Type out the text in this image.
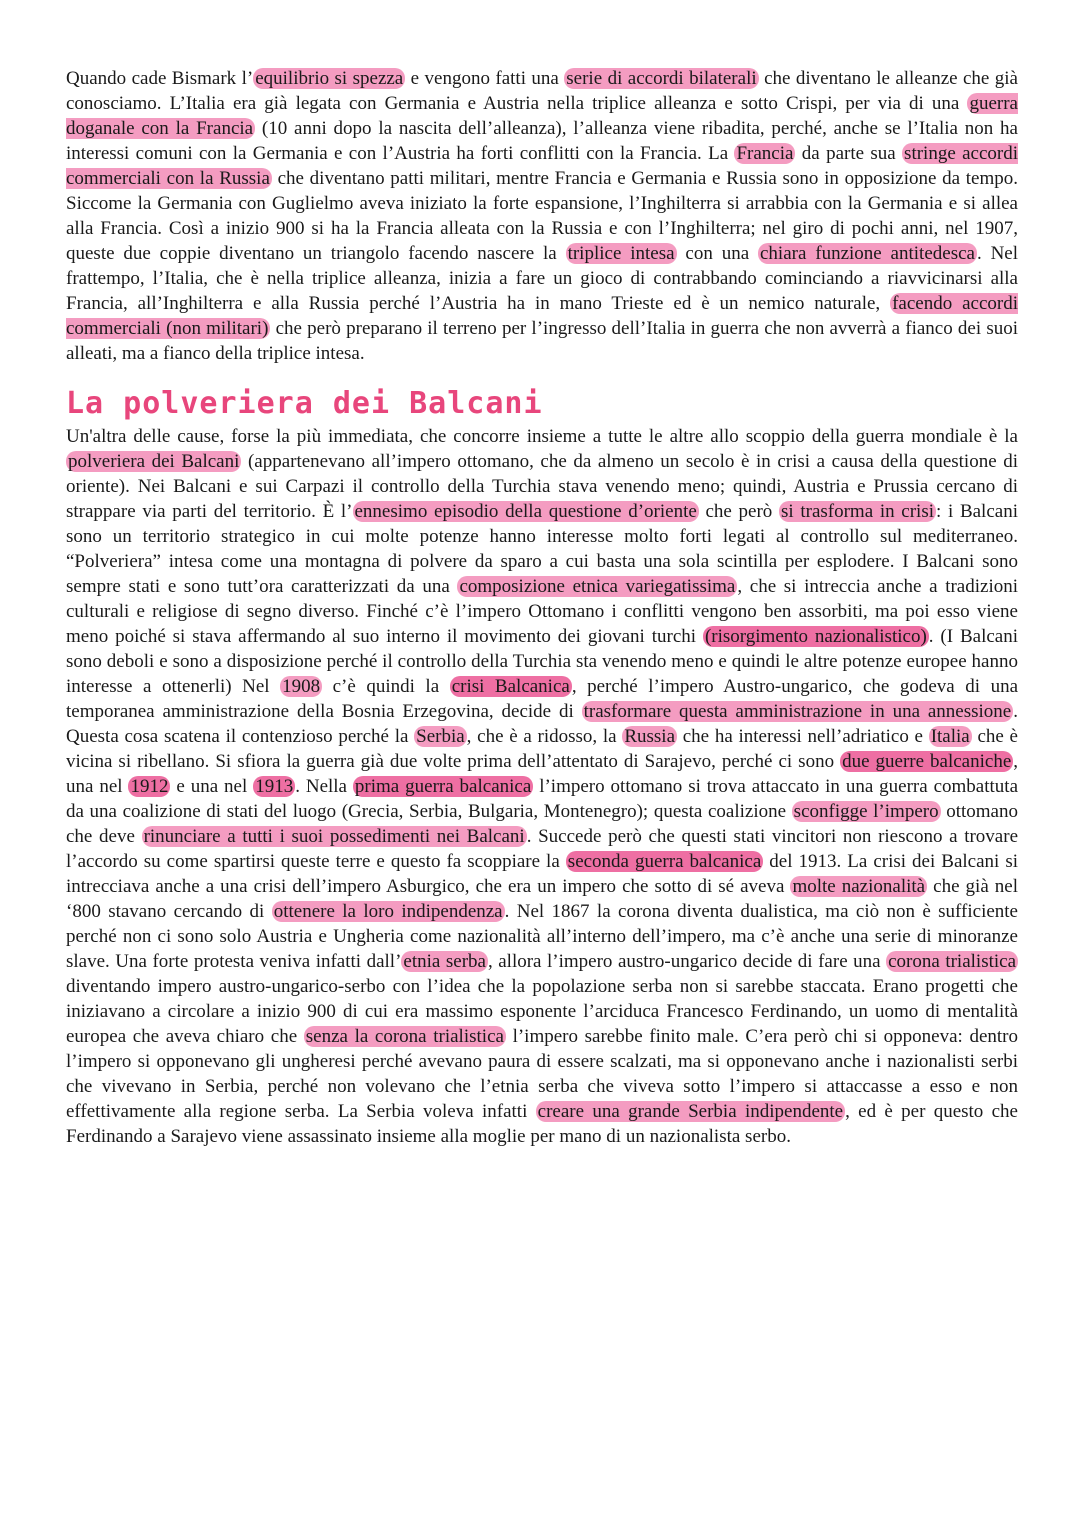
Quando cade Bismark l’ equilibrio si spezza e vengono fatti una serie di accordi bilaterali che diventano le alleanze che già conosciamo. L’Italia era già legata con Germania e Austria nella triplice alleanza e sotto Crispi, per via di una guerra doganale con la Francia (10 anni dopo la nascita dell’alleanza), l’alleanza viene ribadita, perché, anche se l’Italia non ha interessi comuni con la Germania e con l’Austria ha forti conflitti con la Francia. La Francia da parte sua stringe accordi commerciali con la Russia che diventano patti militari, mentre Francia e Germania e Russia sono in opposizione da tempo. Siccome la Germania con Guglielmo aveva iniziato la forte espansione, l’Inghilterra si arrabbia con la Germania e si allea alla Francia. Così a inizio 900 si ha la Francia alleata con la Russia e con l’Inghilterra; nel giro di pochi anni, nel 1907, queste due coppie diventano un triangolo facendo nascere la triplice intesa con una chiara funzione antitedesca . Nel frattempo, l’Italia, che è nella triplice alleanza, inizia a fare un gioco di contrabbando cominciando a riavvicinarsi alla Francia, all’Inghilterra e alla Russia perché l’Austria ha in mano Trieste ed è un nemico naturale, facendo accordi commerciali (non militari) che però preparano il terreno per l’ingresso dell’Italia in guerra che non avverrà a fianco dei suoi alleati, ma a fianco della triplice intesa.

La polveriera dei Balcani

Un'altra delle cause, forse la più immediata, che concorre insieme a tutte le altre allo scoppio della guerra mondiale è la polveriera dei Balcani (appartenevano all’impero ottomano, che da almeno un secolo è in crisi a causa della questione di oriente). Nei Balcani e sui Carpazi il controllo della Turchia stava venendo meno; quindi, Austria e Prussia cercano di strappare via parti del territorio. È l’ ennesimo episodio della questione d’oriente che però si trasforma in crisi : i Balcani sono un territorio strategico in cui molte potenze hanno interesse molto forti legati al controllo sul mediterraneo. “Polveriera” intesa come una montagna di polvere da sparo a cui basta una sola scintilla per esplodere. I Balcani sono sempre stati e sono tutt’ora caratterizzati da una composizione etnica variegatissima , che si intreccia anche a tradizioni culturali e religiose di segno diverso. Finché c’è l’impero Ottomano i conflitti vengono ben assorbiti, ma poi esso viene meno poiché si stava affermando al suo interno il movimento dei giovani turchi (risorgimento nazionalistico) . (I Balcani sono deboli e sono a disposizione perché il controllo della Turchia sta venendo meno e quindi le altre potenze europee hanno interesse a ottenerli) Nel 1908 c’è quindi la crisi Balcanica , perché l’impero Austro-ungarico, che godeva di una temporanea amministrazione della Bosnia Erzegovina, decide di trasformare questa amministrazione in una annessione . Questa cosa scatena il contenzioso perché la Serbia , che è a ridosso, la Russia che ha interessi nell’adriatico e Italia che è vicina si ribellano. Si sfiora la guerra già due volte prima dell’attentato di Sarajevo, perché ci sono due guerre balcaniche , una nel 1912 e una nel 1913 . Nella prima guerra balcanica l’impero ottomano si trova attaccato in una guerra combattuta da una coalizione di stati del luogo (Grecia, Serbia, Bulgaria, Montenegro); questa coalizione sconfigge l’impero ottomano che deve rinunciare a tutti i suoi possedimenti nei Balcani . Succede però che questi stati vincitori non riescono a trovare l’accordo su come spartirsi queste terre e questo fa scoppiare la seconda guerra balcanica del 1913. La crisi dei Balcani si intrecciava anche a una crisi dell’impero Asburgico, che era un impero che sotto di sé aveva molte nazionalità che già nel ‘800 stavano cercando di ottenere la loro indipendenza . Nel 1867 la corona diventa dualistica, ma ciò non è sufficiente perché non ci sono solo Austria e Ungheria come nazionalità all’interno dell’impero, ma c’è anche una serie di minoranze slave. Una forte protesta veniva infatti dall’ etnia serba , allora l’impero austro-ungarico decide di fare una corona trialistica diventando impero austro-ungarico-serbo con l’idea che la popolazione serba non si sarebbe staccata. Erano progetti che iniziavano a circolare a inizio 900 di cui era massimo esponente l’arciduca Francesco Ferdinando, un uomo di mentalità europea che aveva chiaro che senza la corona trialistica l’impero sarebbe finito male. C’era però chi si opponeva: dentro l’impero si opponevano gli ungheresi perché avevano paura di essere scalzati, ma si opponevano anche i nazionalisti serbi che vivevano in Serbia, perché non volevano che l’etnia serba che viveva sotto l’impero si attaccasse a esso e non effettivamente alla regione serba. La Serbia voleva infatti creare una grande Serbia indipendente , ed è per questo che Ferdinando a Sarajevo viene assassinato insieme alla moglie per mano di un nazionalista serbo.
